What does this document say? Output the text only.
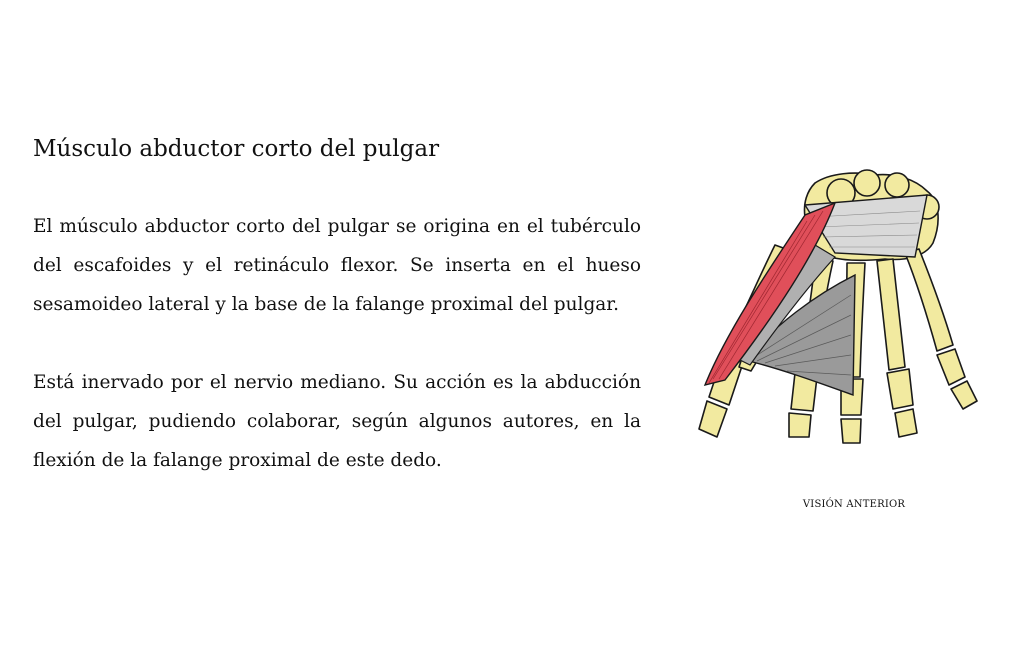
Músculo abductor corto del pulgar

El músculo abductor corto del pulgar se origina en el tubérculo del escafoides y el retináculo flexor. Se inserta en el hueso sesamoideo lateral y la base de la falange proximal del pulgar.

Está inervado por el nervio mediano. Su acción es la abducción del pulgar, pudiendo colaborar, según algunos autores, en la flexión de la falange proximal de este dedo.

VISIÓN ANTERIOR
